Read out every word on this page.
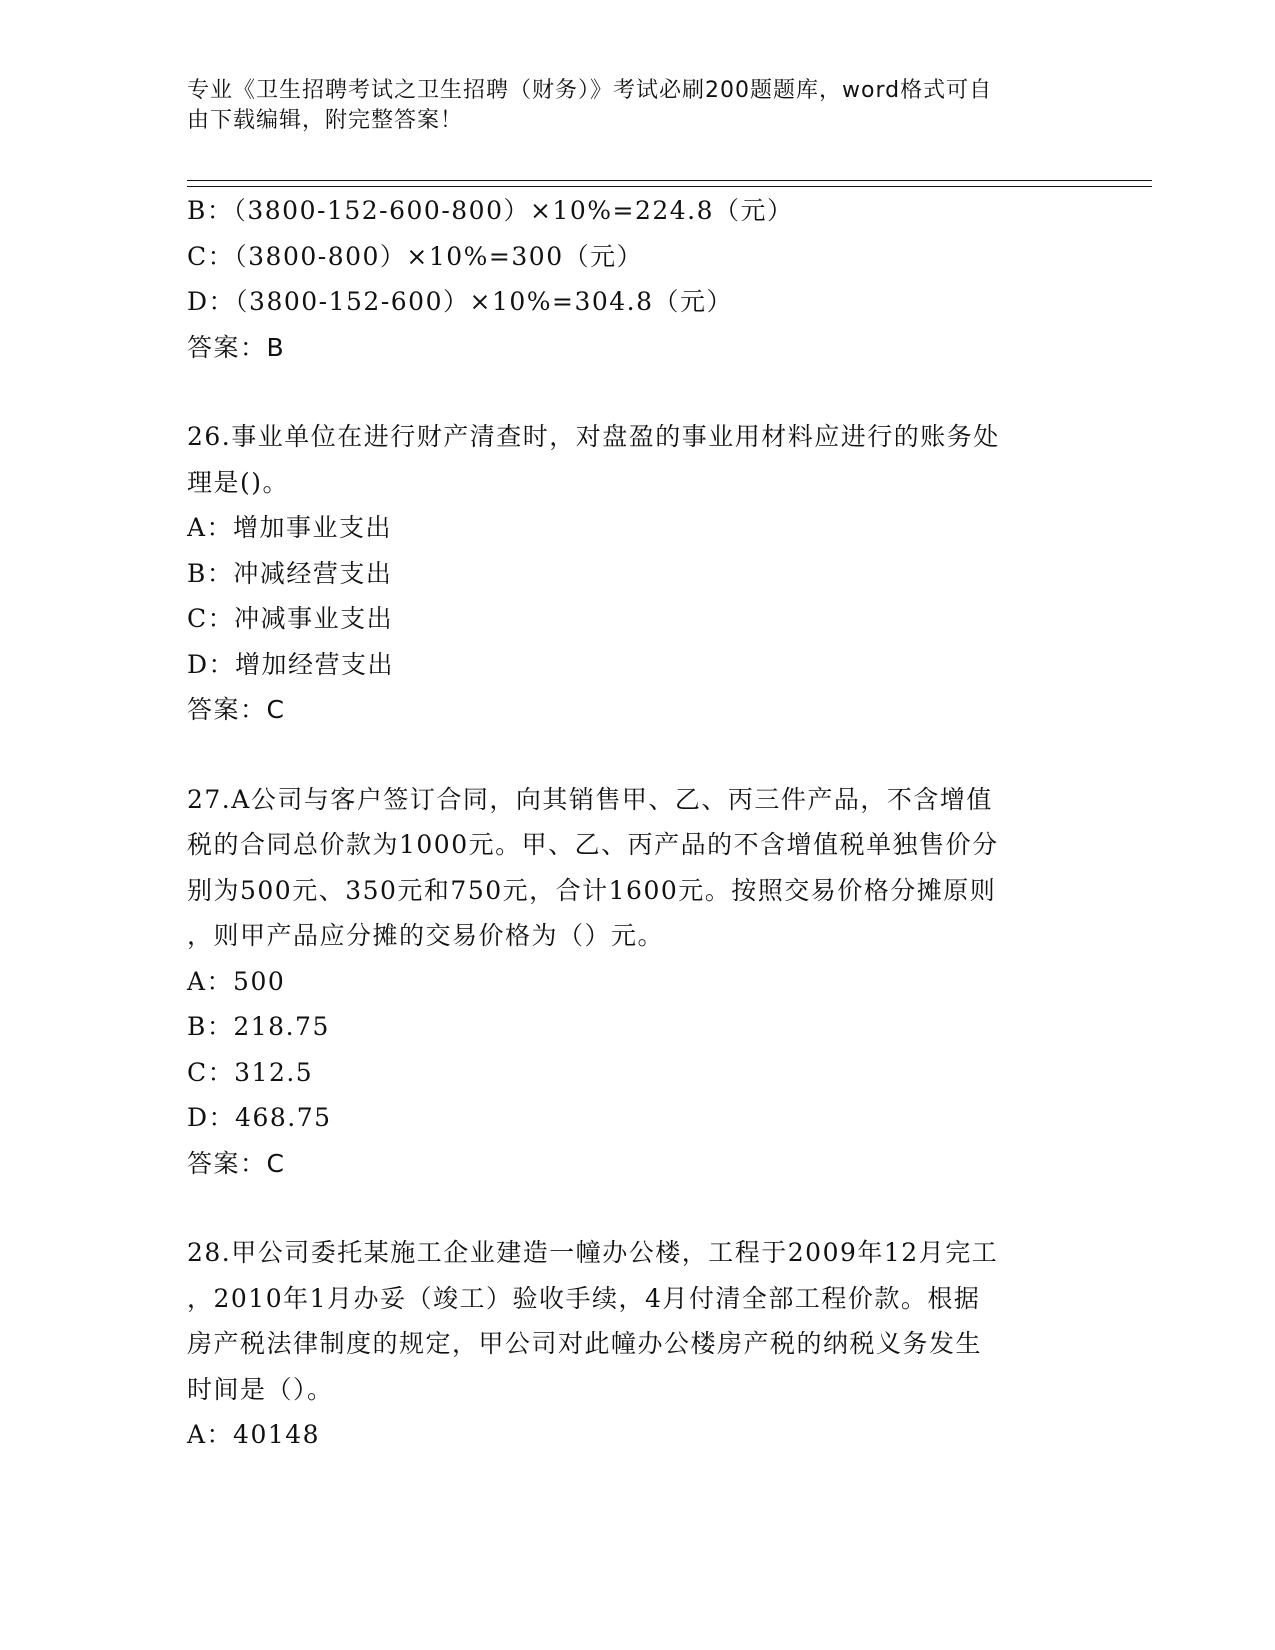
专业《卫生招聘考试之卫生招聘（财务）》考试必刷200题题库，word格式可自
由下载编辑，附完整答案！
B：（3800-152-600-800）×10%=224.8（元）
C：（3800-800）×10%=300（元）
D：（3800-152-600）×10%=304.8（元）
答案：B
26.事业单位在进行财产清查时，对盘盈的事业用材料应进行的账务处
理是()。
A：增加事业支出
B：冲减经营支出
C：冲减事业支出
D：增加经营支出
答案：C
27.A公司与客户签订合同，向其销售甲、乙、丙三件产品，不含增值
税的合同总价款为1000元。甲、乙、丙产品的不含增值税单独售价分
别为500元、350元和750元，合计1600元。按照交易价格分摊原则
，则甲产品应分摊的交易价格为（）元。
A：500
B：218.75
C：312.5
D：468.75
答案：C
28.甲公司委托某施工企业建造一幢办公楼，工程于2009年12月完工
，2010年1月办妥（竣工）验收手续，4月付清全部工程价款。根据
房产税法律制度的规定，甲公司对此幢办公楼房产税的纳税义务发生
时间是（）。
A：40148
